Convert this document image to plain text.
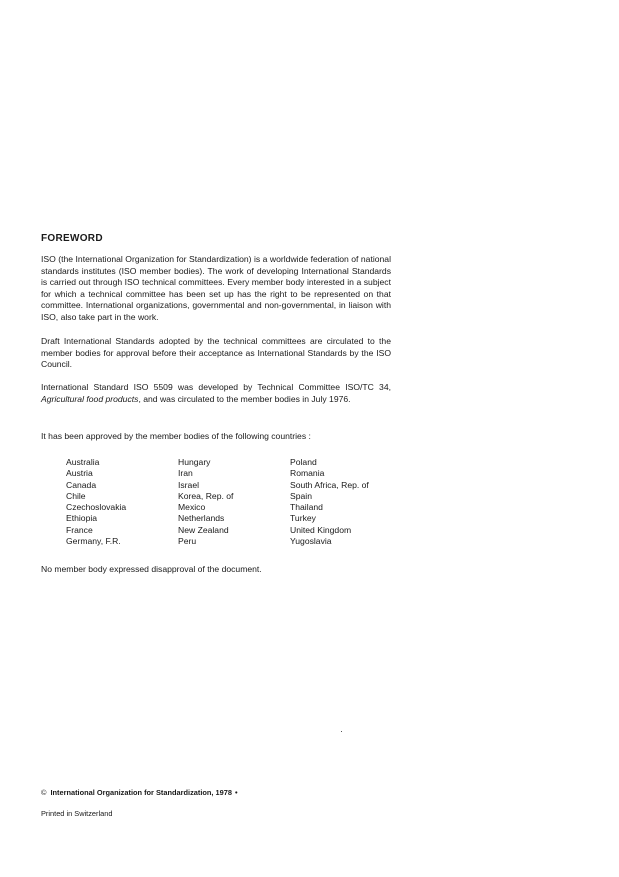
FOREWORD

ISO (the International Organization for Standardization) is a worldwide federation of national standards institutes (ISO member bodies). The work of developing International Standards is carried out through ISO technical committees. Every member body interested in a subject for which a technical committee has been set up has the right to be represented on that committee. International organizations, governmental and non-governmental, in liaison with ISO, also take part in the work.

Draft International Standards adopted by the technical committees are circulated to the member bodies for approval before their acceptance as International Standards by the ISO Council.

International Standard ISO 5509 was developed by Technical Committee ISO/TC 34, Agricultural food products, and was circulated to the member bodies in July 1976.

It has been approved by the member bodies of the following countries :

Australia
Austria
Canada
Chile
Czechoslovakia
Ethiopia
France
Germany, F.R.
Hungary
Iran
Israel
Korea, Rep. of
Mexico
Netherlands
New Zealand
Peru
Poland
Romania
South Africa, Rep. of
Spain
Thailand
Turkey
United Kingdom
Yugoslavia

No member body expressed disapproval of the document.

© International Organization for Standardization, 1978 •

Printed in Switzerland
